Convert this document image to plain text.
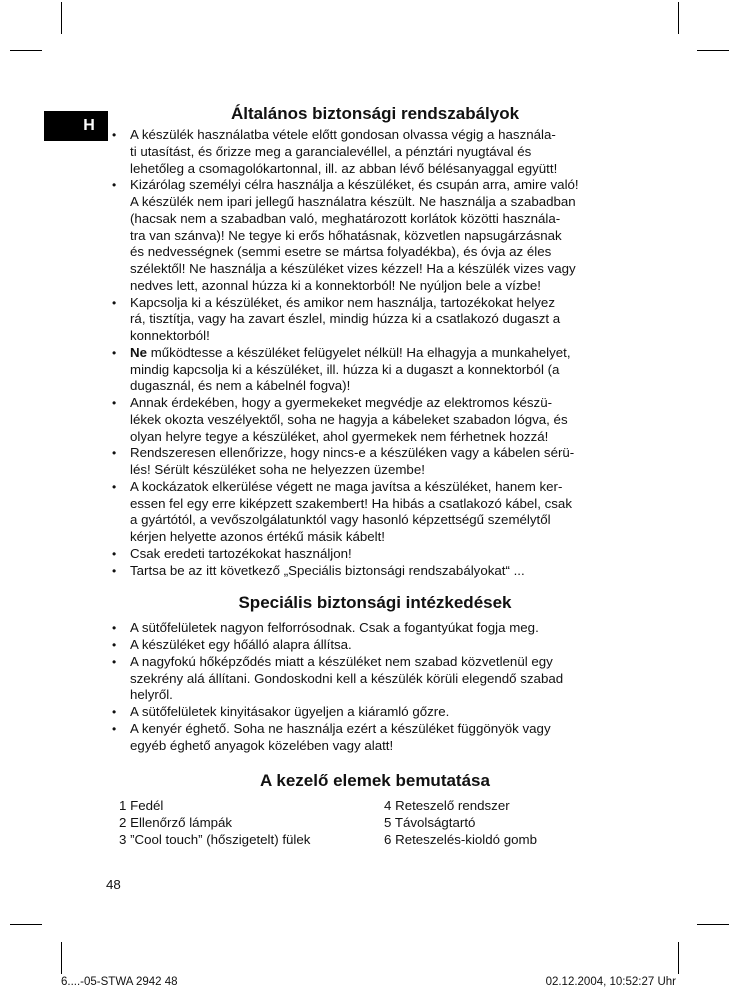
H
Általános biztonsági rendszabályok
• A készülék használatba vétele előtt gondosan olvassa végig a használa-
ti utasítást, és őrizze meg a garancialevéllel, a pénztári nyugtával és
lehetőleg a csomagolókartonnal, ill. az abban lévő bélésanyaggal együtt!
• Kizárólag személyi célra használja a készüléket, és csupán arra, amire való!
A készülék nem ipari jellegű használatra készült. Ne használja a szabadban
(hacsak nem a szabadban való, meghatározott korlátok közötti használa-
tra van szánva)! Ne tegye ki erős hőhatásnak, közvetlen napsugárzásnak
és nedvességnek (semmi esetre se mártsa folyadékba), és óvja az éles
szélektől! Ne használja a készüléket vizes kézzel! Ha a készülék vizes vagy
nedves lett, azonnal húzza ki a konnektorból! Ne nyúljon bele a vízbe!
• Kapcsolja ki a készüléket, és amikor nem használja, tartozékokat helyez
rá, tisztítja, vagy ha zavart észlel, mindig húzza ki a csatlakozó dugaszt a
konnektorból!
• Ne működtesse a készüléket felügyelet nélkül! Ha elhagyja a munkahelyet,
mindig kapcsolja ki a készüléket, ill. húzza ki a dugaszt a konnektorból (a
dugasznál, és nem a kábelnél fogva)!
• Annak érdekében, hogy a gyermekeket megvédje az elektromos készü-
lékek okozta veszélyektől, soha ne hagyja a kábeleket szabadon lógva, és
olyan helyre tegye a készüléket, ahol gyermekek nem férhetnek hozzá!
• Rendszeresen ellenőrizze, hogy nincs-e a készüléken vagy a kábelen sérü-
lés! Sérült készüléket soha ne helyezzen üzembe!
• A kockázatok elkerülése végett ne maga javítsa a készüléket, hanem ker-
essen fel egy erre kiképzett szakembert! Ha hibás a csatlakozó kábel, csak
a gyártótól, a vevőszolgálatunktól vagy hasonló képzettségű személytől
kérjen helyette azonos értékű másik kábelt!
• Csak eredeti tartozékokat használjon!
• Tartsa be az itt következő „Speciális biztonsági rendszabályokat“ ...
Speciális biztonsági intézkedések
• A sütőfelületek nagyon felforrósodnak. Csak a fogantyúkat fogja meg.
• A készüléket egy hőálló alapra állítsa.
• A nagyfokú hőképződés miatt a készüléket nem szabad közvetlenül egy
szekrény alá állítani. Gondoskodni kell a készülék körüli elegendő szabad
helyről.
• A sütőfelületek kinyitásakor ügyeljen a kiáramló gőzre.
• A kenyér éghető. Soha ne használja ezért a készüléket függönyök vagy
egyéb éghető anyagok közelében vagy alatt!
A kezelő elemek bemutatása
1 Fedél	4 Reteszelő rendszer
2 Ellenőrző lámpák	5 Távolságtartó
3 ”Cool touch” (hőszigetelt) fülek	6 Reteszelés-kioldó gomb
48
6....-05-STWA 2942 48	02.12.2004, 10:52:27 Uhr
